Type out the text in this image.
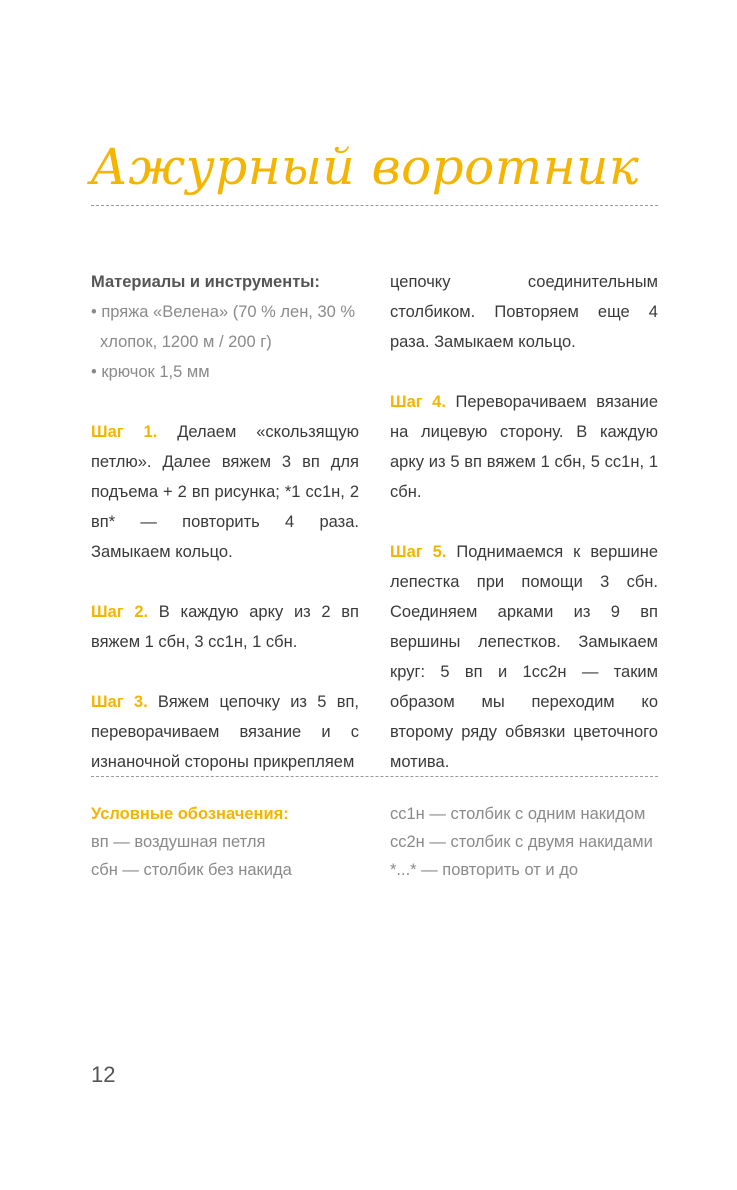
Ажурный воротник
Материалы и инструменты:
• пряжа «Велена» (70 % лен, 30 % хлопок, 1200 м / 200 г)
• крючок 1,5 мм

Шаг 1. Делаем «скользящую петлю». Далее вяжем 3 вп для подъема + 2 вп рисунка; *1 сс1н, 2 вп* — повторить 4 раза. Замыкаем кольцо.

Шаг 2. В каждую арку из 2 вп вяжем 1 сбн, 3 сс1н, 1 сбн.

Шаг 3. Вяжем цепочку из 5 вп, переворачиваем вязание и с изнаночной стороны прикрепляем

цепочку соединительным столбиком. Повторяем еще 4 раза. Замыкаем кольцо.

Шаг 4. Переворачиваем вязание на лицевую сторону. В каждую арку из 5 вп вяжем 1 сбн, 5 сс1н, 1 сбн.

Шаг 5. Поднимаемся к вершине лепестка при помощи 3 сбн. Соединяем арками из 9 вп вершины лепестков. Замыкаем круг: 5 вп и 1сс2н — таким образом мы переходим ко второму ряду обвязки цветочного мотива.

Условные обозначения:
вп — воздушная петля
сбн — столбик без накида
сс1н — столбик с одним накидом
сс2н — столбик с двумя накидами
*...* — повторить от и до
12
